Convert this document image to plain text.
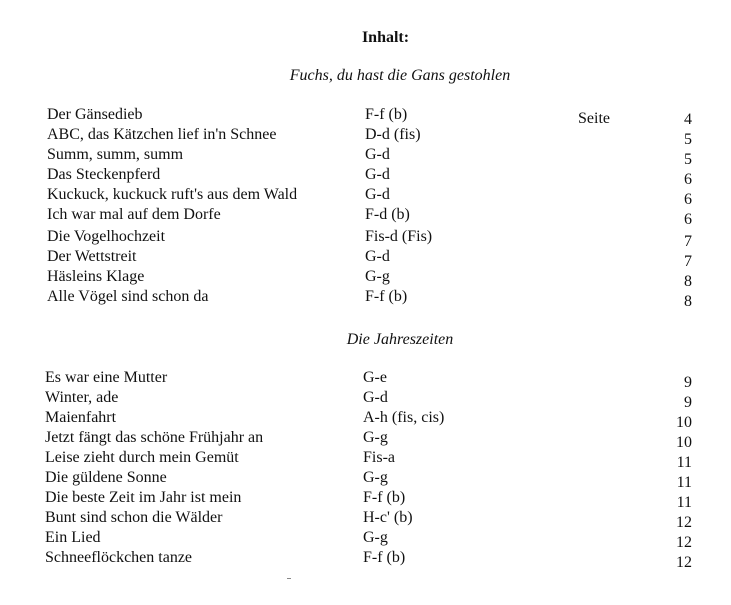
Inhalt:
Fuchs, du hast die Gans gestohlen
Seite
Der Gänsedieb	F-f (b)	4
ABC, das Kätzchen lief in'n Schnee	D-d (fis)	5
Summ, summ, summ	G-d	5
Das Steckenpferd	G-d	6
Kuckuck, kuckuck ruft's aus dem Wald	G-d	6
Ich war mal auf dem Dorfe	F-d (b)	6
Die Vogelhochzeit	Fis-d (Fis)	7
Der Wettstreit	G-d	7
Häsleins Klage	G-g	8
Alle Vögel sind schon da	F-f (b)	8
Die Jahreszeiten
Es war eine Mutter	G-e	9
Winter, ade	G-d	9
Maienfahrt	A-h (fis, cis)	10
Jetzt fängt das schöne Frühjahr an	G-g	10
Leise zieht durch mein Gemüt	Fis-a	11
Die güldene Sonne	G-g	11
Die beste Zeit im Jahr ist mein	F-f (b)	11
Bunt sind schon die Wälder	H-c' (b)	12
Ein Lied	G-g	12
Schneeflöckchen tanze	F-f (b)	12
